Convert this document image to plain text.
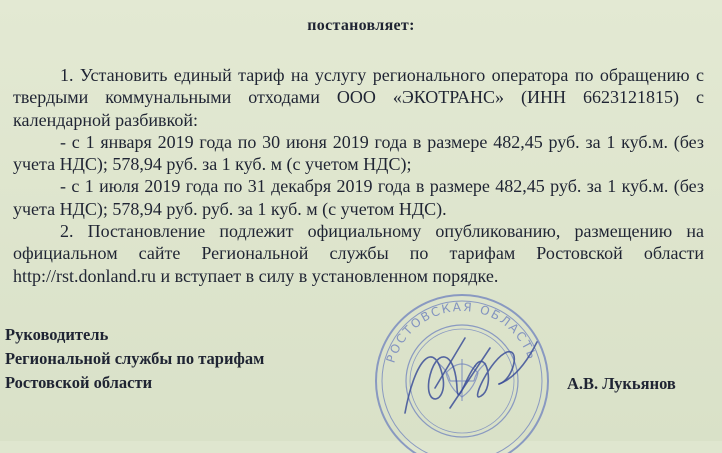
постановляет:

1. Установить единый тариф на услугу регионального оператора по обращению с твердыми коммунальными отходами ООО «ЭКОТРАНС» (ИНН 6623121815) с календарной разбивкой:

- с 1 января 2019 года по 30 июня 2019 года в размере 482,45 руб. за 1 куб.м. (без учета НДС); 578,94 руб. за 1 куб. м (с учетом НДС);

- с 1 июля 2019 года по 31 декабря 2019 года в размере 482,45 руб. за 1 куб.м. (без учета НДС); 578,94 руб. руб. за 1 куб. м (с учетом НДС).

2. Постановление подлежит официальному опубликованию, размещению на официальном сайте Региональной службы по тарифам Ростовской области http://rst.donland.ru и вступает в силу в установленном порядке.

РОСТОВСКАЯ ОБЛАСТЬ
Руководитель
Региональной службы по тарифам
Ростовской области	А.В. Лукьянов
